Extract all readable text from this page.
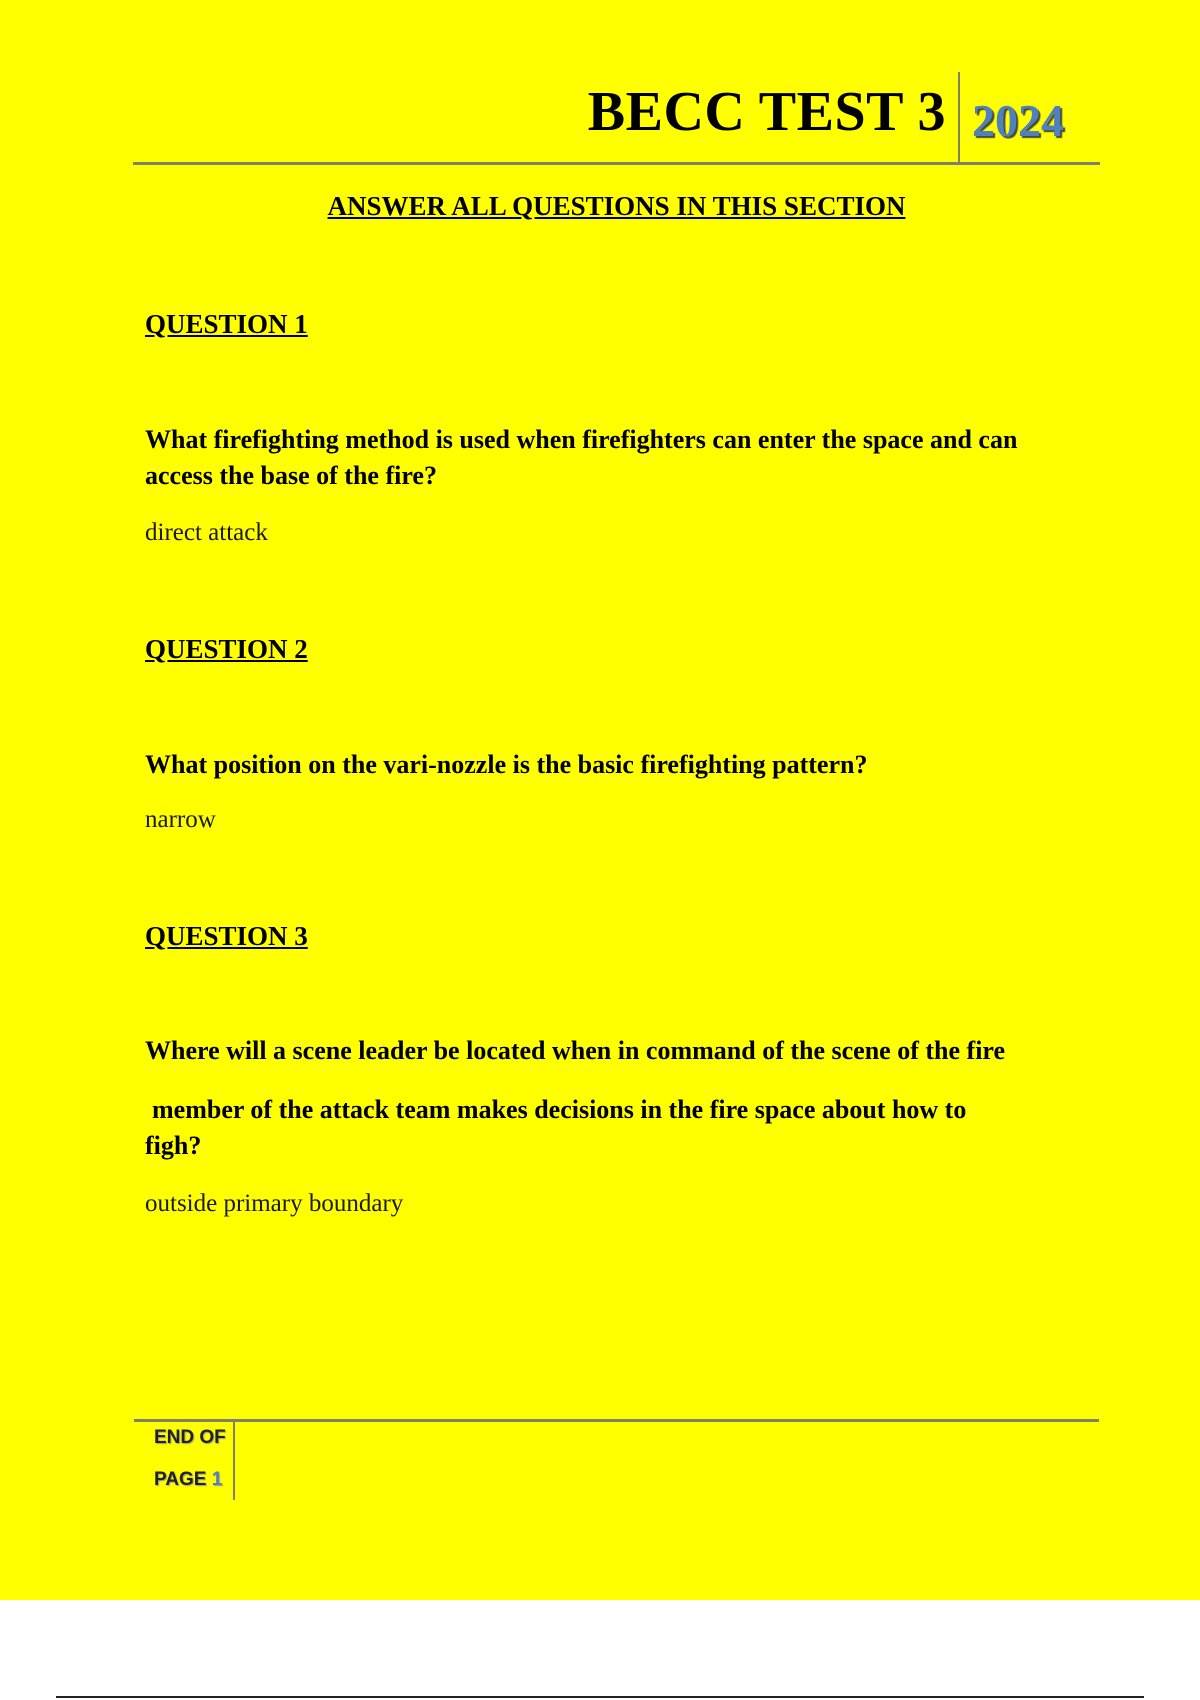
BECC TEST 3 2024
ANSWER ALL QUESTIONS IN THIS SECTION
QUESTION 1
What firefighting method is used when firefighters can enter the space and can access the base of the fire?
direct attack
QUESTION 2
What position on the vari-nozzle is the basic firefighting pattern?
narrow
QUESTION 3
Where will a scene leader be located when in command of the scene of the fire
member of the attack team makes decisions in the fire space about how to
figh?
outside primary boundary
END OF
PAGE 1
